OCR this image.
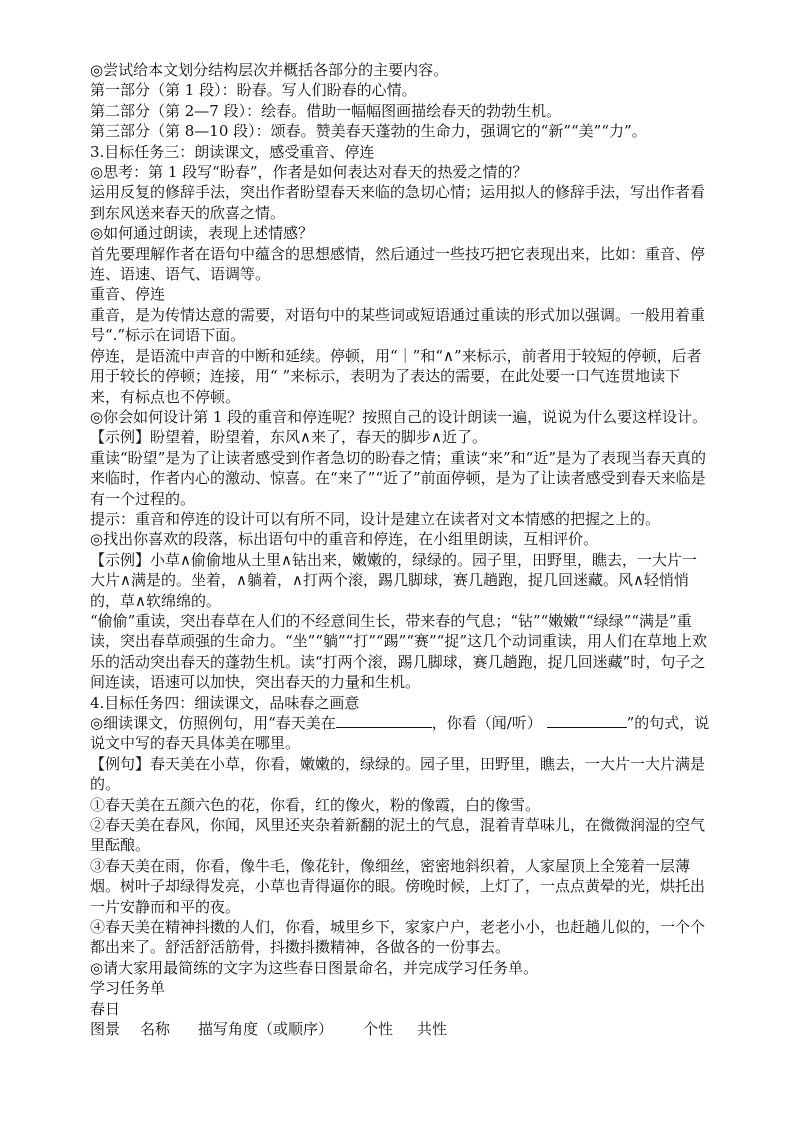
◎尝试给本文划分结构层次并概括各部分的主要内容。

第一部分（第 1 段）：盼春。写人们盼春的心情。

第二部分（第 2—7 段）：绘春。借助一幅幅图画描绘春天的勃勃生机。

第三部分（第 8—10 段）：颂春。赞美春天蓬勃的生命力，强调它的“新”“美”“力”。

3.目标任务三：朗读课文，感受重音、停连

◎思考：第 1 段写“盼春”，作者是如何表达对春天的热爱之情的？

运用反复的修辞手法，突出作者盼望春天来临的急切心情；运用拟人的修辞手法，写出作者看到东风送来春天的欣喜之情。

◎如何通过朗读，表现上述情感？

首先要理解作者在语句中蕴含的思想感情，然后通过一些技巧把它表现出来，比如：重音、停连、语速、语气、语调等。

重音、停连

重音，是为传情达意的需要，对语句中的某些词或短语通过重读的形式加以强调。一般用着重号“.”标示在词语下面。

停连，是语流中声音的中断和延续。停顿，用“｜”和“∧”来标示，前者用于较短的停顿，后者用于较长的停顿；连接，用“ ”来标示，表明为了表达的需要，在此处要一口气连贯地读下来，有标点也不停顿。

◎你会如何设计第 1 段的重音和停连呢？按照自己的设计朗读一遍，说说为什么要这样设计。

【示例】盼望着，盼望着，东风∧来了，春天的脚步∧近了。

重读“盼望”是为了让读者感受到作者急切的盼春之情；重读“来”和“近”是为了表现当春天真的来临时，作者内心的激动、惊喜。在“来了”“近了”前面停顿，是为了让读者感受到春天来临是有一个过程的。

提示：重音和停连的设计可以有所不同，设计是建立在读者对文本情感的把握之上的。

◎找出你喜欢的段落，标出语句中的重音和停连，在小组里朗读，互相评价。

【示例】小草∧偷偷地从土里∧钻出来，嫩嫩的，绿绿的。园子里，田野里，瞧去，一大片一大片∧满是的。坐着，∧躺着，∧打两个滚，踢几脚球，赛几趟跑，捉几回迷藏。风∧轻悄悄的，草∧软绵绵的。

“偷偷”重读，突出春草在人们的不经意间生长，带来春的气息；“钻”“嫩嫩”“绿绿”“满是”重读，突出春草顽强的生命力。“坐”“躺”“打”“踢”“赛”“捉”这几个动词重读，用人们在草地上欢乐的活动突出春天的蓬勃生机。读“打两个滚，踢几脚球，赛几趟跑，捉几回迷藏”时，句子之间连读，语速可以加快，突出春天的力量和生机。

4.目标任务四：细读课文，品味春之画意

◎细读课文，仿照例句，用“春天美在	，你看（闻/听）	”的句式，说说文中写的春天具体美在哪里。

【例句】春天美在小草，你看，嫩嫩的，绿绿的。园子里，田野里，瞧去，一大片一大片满是的。

①春天美在五颜六色的花，你看，红的像火，粉的像霞，白的像雪。

②春天美在春风，你闻，风里还夹杂着新翻的泥土的气息，混着青草味儿，在微微润湿的空气里酝酿。

③春天美在雨，你看，像牛毛，像花针，像细丝，密密地斜织着，人家屋顶上全笼着一层薄烟。树叶子却绿得发亮，小草也青得逼你的眼。傍晚时候，上灯了，一点点黄晕的光，烘托出一片安静而和平的夜。

④春天美在精神抖擞的人们，你看，城里乡下，家家户户，老老小小，也赶趟儿似的，一个个都出来了。舒活舒活筋骨，抖擞抖擞精神，各做各的一份事去。

◎请大家用最简练的文字为这些春日图景命名，并完成学习任务单。

学习任务单

春日

图景 名称 描写角度（或顺序） 个性 共性
